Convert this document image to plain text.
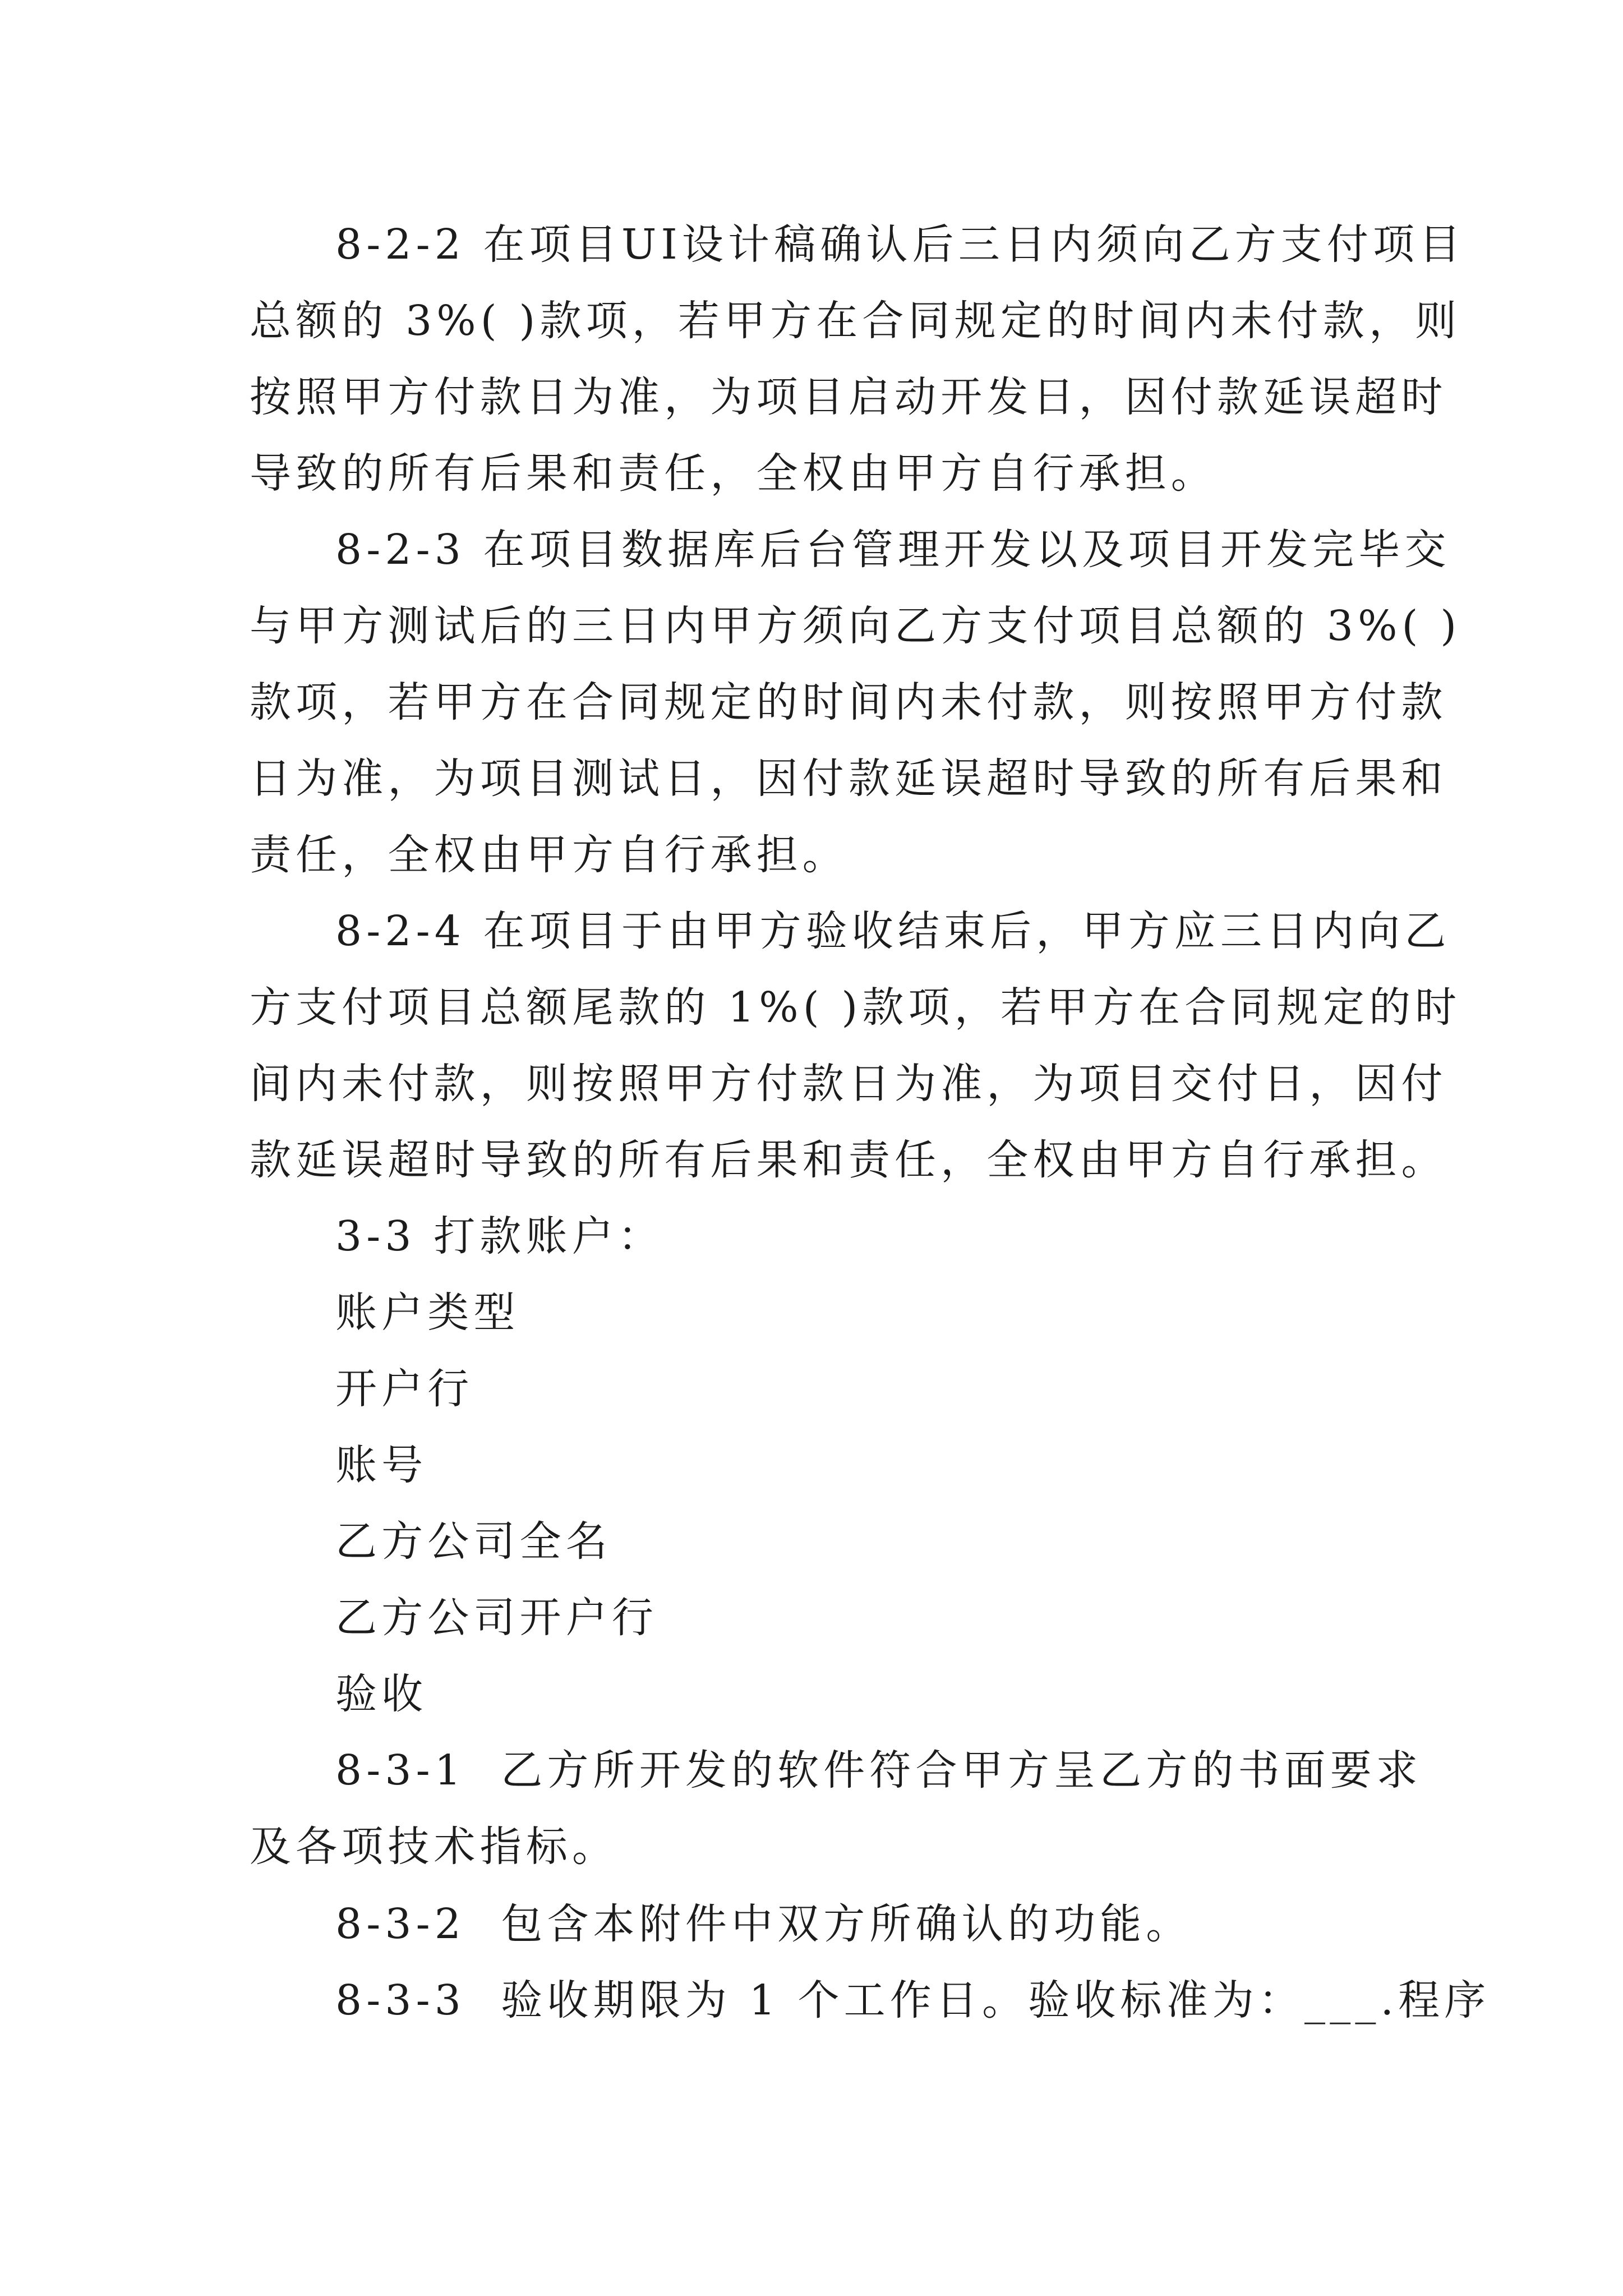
8-2-2 在项目UI设计稿确认后三日内须向乙方支付项目
总额的 3%( )款项，若甲方在合同规定的时间内未付款，则
按照甲方付款日为准，为项目启动开发日，因付款延误超时
导致的所有后果和责任，全权由甲方自行承担。
8-2-3 在项目数据库后台管理开发以及项目开发完毕交
与甲方测试后的三日内甲方须向乙方支付项目总额的 3%( )
款项，若甲方在合同规定的时间内未付款，则按照甲方付款
日为准，为项目测试日，因付款延误超时导致的所有后果和
责任，全权由甲方自行承担。
8-2-4 在项目于由甲方验收结束后，甲方应三日内向乙
方支付项目总额尾款的 1%( )款项，若甲方在合同规定的时
间内未付款，则按照甲方付款日为准，为项目交付日，因付
款延误超时导致的所有后果和责任，全权由甲方自行承担。
3-3 打款账户：
账户类型
开户行
账号
乙方公司全名
乙方公司开户行
验收
8-3-1  乙方所开发的软件符合甲方呈乙方的书面要求
及各项技术指标。
8-3-2  包含本附件中双方所确认的功能。
8-3-3  验收期限为 1 个工作日。验收标准为：___.程序
